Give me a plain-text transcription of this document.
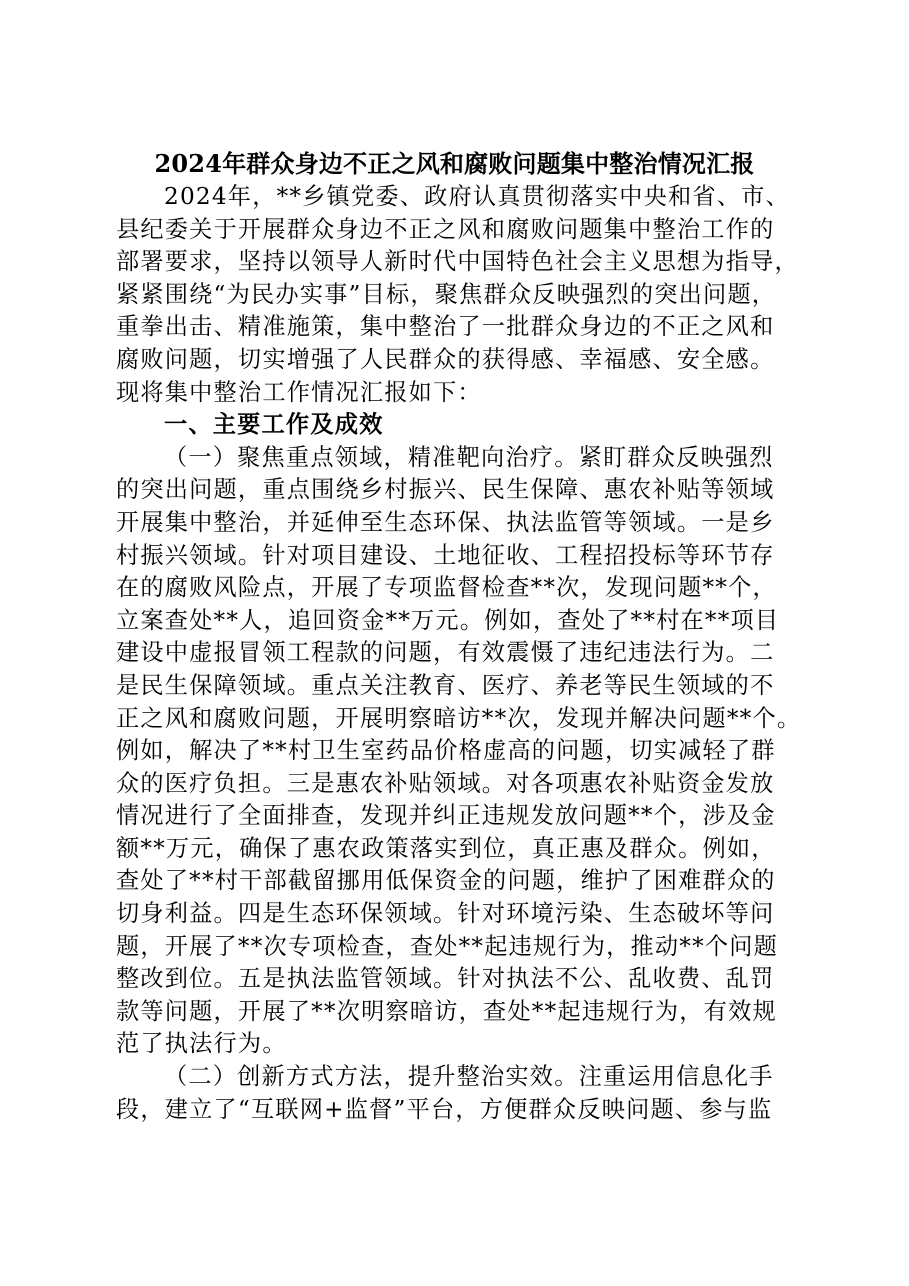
2024年群众身边不正之风和腐败问题集中整治情况汇报
2024年，**乡镇党委、政府认真贯彻落实中央和省、市、
县纪委关于开展群众身边不正之风和腐败问题集中整治工作的
部署要求，坚持以领导人新时代中国特色社会主义思想为指导，
紧紧围绕“为民办实事”目标，聚焦群众反映强烈的突出问题，
重拳出击、精准施策，集中整治了一批群众身边的不正之风和
腐败问题，切实增强了人民群众的获得感、幸福感、安全感。
现将集中整治工作情况汇报如下：
一、主要工作及成效
（一）聚焦重点领域，精准靶向治疗。紧盯群众反映强烈
的突出问题，重点围绕乡村振兴、民生保障、惠农补贴等领域
开展集中整治，并延伸至生态环保、执法监管等领域。一是乡
村振兴领域。针对项目建设、土地征收、工程招投标等环节存
在的腐败风险点，开展了专项监督检查**次，发现问题**个，
立案查处**人，追回资金**万元。例如，查处了**村在**项目
建设中虚报冒领工程款的问题，有效震慑了违纪违法行为。二
是民生保障领域。重点关注教育、医疗、养老等民生领域的不
正之风和腐败问题，开展明察暗访**次，发现并解决问题**个。
例如，解决了**村卫生室药品价格虚高的问题，切实减轻了群
众的医疗负担。三是惠农补贴领域。对各项惠农补贴资金发放
情况进行了全面排查，发现并纠正违规发放问题**个，涉及金
额**万元，确保了惠农政策落实到位，真正惠及群众。例如，
查处了**村干部截留挪用低保资金的问题，维护了困难群众的
切身利益。四是生态环保领域。针对环境污染、生态破坏等问
题，开展了**次专项检查，查处**起违规行为，推动**个问题
整改到位。五是执法监管领域。针对执法不公、乱收费、乱罚
款等问题，开展了**次明察暗访，查处**起违规行为，有效规
范了执法行为。
（二）创新方式方法，提升整治实效。注重运用信息化手
段，建立了“互联网+监督”平台，方便群众反映问题、参与监
